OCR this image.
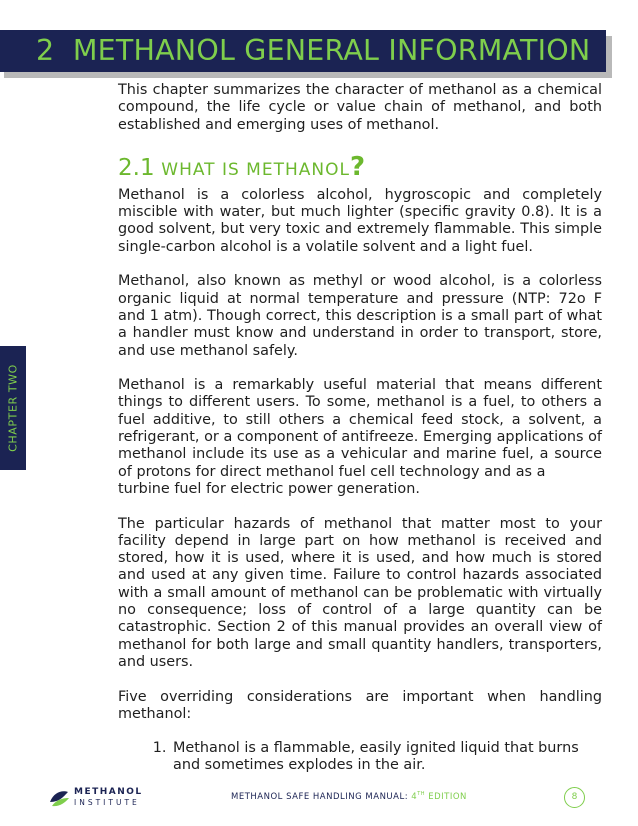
2 METHANOL GENERAL INFORMATION
CHAPTER TWO

This chapter summarizes the character of methanol as a chemical compound, the life cycle or value chain of methanol, and both established and emerging uses of methanol.

2.1 WHAT IS METHANOL?

Methanol is a colorless alcohol, hygroscopic and completely miscible with water, but much lighter (specific gravity 0.8). It is a good solvent, but very toxic and extremely flammable. This simple single-carbon alcohol is a volatile solvent and a light fuel.

Methanol, also known as methyl or wood alcohol, is a colorless organic liquid at normal temperature and pressure (NTP: 72o F and 1 atm). Though correct, this description is a small part of what a handler must know and understand in order to transport, store, and use methanol safely.

Methanol is a remarkably useful material that means different things to different users. To some, methanol is a fuel, to others a fuel additive, to still others a chemical feed stock, a solvent, a refrigerant, or a component of antifreeze. Emerging applications of methanol include its use as a vehicular and marine fuel, a source of protons for direct methanol fuel cell technology and as a
turbine fuel for electric power generation.

The particular hazards of methanol that matter most to your facility depend in large part on how methanol is received and stored, how it is used, where it is used, and how much is stored and used at any given time. Failure to control hazards associated with a small amount of methanol can be problematic with virtually no consequence; loss of control of a large quantity can be catastrophic. Section 2 of this manual provides an overall view of methanol for both large and small quantity handlers, transporters, and users.

Five overriding considerations are important when handling methanol:

1. Methanol is a flammable, easily ignited liquid that burns and sometimes explodes in the air.
METHANOL
INSTITUTE
METHANOL SAFE HANDLING MANUAL: 4TH EDITION	8
